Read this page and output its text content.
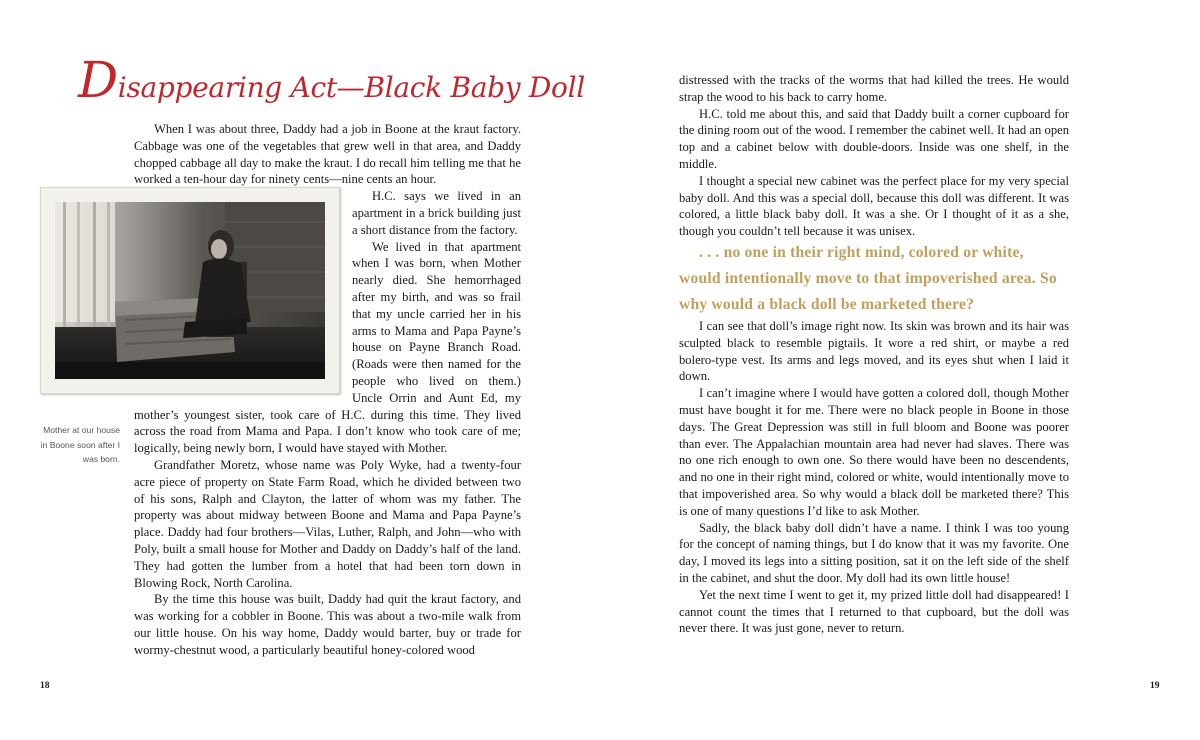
Disappearing Act—Black Baby Doll

When I was about three, Daddy had a job in Boone at the kraut factory. Cabbage was one of the vegetables that grew well in that area, and Daddy chopped cabbage all day to make the kraut. I do recall him telling me that he worked a ten-hour day for ninety cents—nine cents an hour.

H.C. says we lived in an apartment in a brick building just a short distance from the factory.

We lived in that apartment when I was born, when Mother nearly died. She hemorrhaged after my birth, and was so frail that my uncle carried her in his arms to Mama and Papa Payne’s house on Payne Branch Road. (Roads were then named for the people who lived on them.) Uncle Orrin and Aunt Ed, my mother’s youngest sister, took care of H.C. during this time. They lived across the road from Mama and Papa. I don’t know who took care of me; logically, being newly born, I would have stayed with Mother.

Grandfather Moretz, whose name was Poly Wyke, had a twenty-four acre piece of property on State Farm Road, which he divided between two of his sons, Ralph and Clayton, the latter of whom was my father. The property was about midway between Boone and Mama and Papa Payne’s place. Daddy had four brothers—Vilas, Luther, Ralph, and John—who with Poly, built a small house for Mother and Daddy on Daddy’s half of the land. They had gotten the lumber from a hotel that had been torn down in Blowing Rock, North Carolina.

By the time this house was built, Daddy had quit the kraut factory, and was working for a cobbler in Boone. This was about a two-mile walk from our little house. On his way home, Daddy would barter, buy or trade for wormy-chestnut wood, a particularly beautiful honey-colored wood

Mother at our house in Boone soon after I was born.
18

distressed with the tracks of the worms that had killed the trees. He would strap the wood to his back to carry home.

H.C. told me about this, and said that Daddy built a corner cupboard for the dining room out of the wood. I remember the cabinet well. It had an open top and a cabinet below with double-doors. Inside was one shelf, in the middle.

I thought a special new cabinet was the perfect place for my very special baby doll. And this was a special doll, because this doll was different. It was colored, a little black baby doll. It was a she. Or I thought of it as a she, though you couldn’t tell because it was unisex.

. . . no one in their right mind, colored or white, would intentionally move to that impoverished area. So why would a black doll be marketed there?

I can see that doll’s image right now. Its skin was brown and its hair was sculpted black to resemble pigtails. It wore a red shirt, or maybe a red bolero-type vest. Its arms and legs moved, and its eyes shut when I laid it down.

I can’t imagine where I would have gotten a colored doll, though Mother must have bought it for me. There were no black people in Boone in those days. The Great Depression was still in full bloom and Boone was poorer than ever. The Appalachian mountain area had never had slaves. There was no one rich enough to own one. So there would have been no descendents, and no one in their right mind, colored or white, would intentionally move to that impoverished area. So why would a black doll be marketed there? This is one of many questions I’d like to ask Mother.

Sadly, the black baby doll didn’t have a name. I think I was too young for the concept of naming things, but I do know that it was my favorite. One day, I moved its legs into a sitting position, sat it on the left side of the shelf in the cabinet, and shut the door. My doll had its own little house!

Yet the next time I went to get it, my prized little doll had disappeared! I cannot count the times that I returned to that cupboard, but the doll was never there. It was just gone, never to return.

19
